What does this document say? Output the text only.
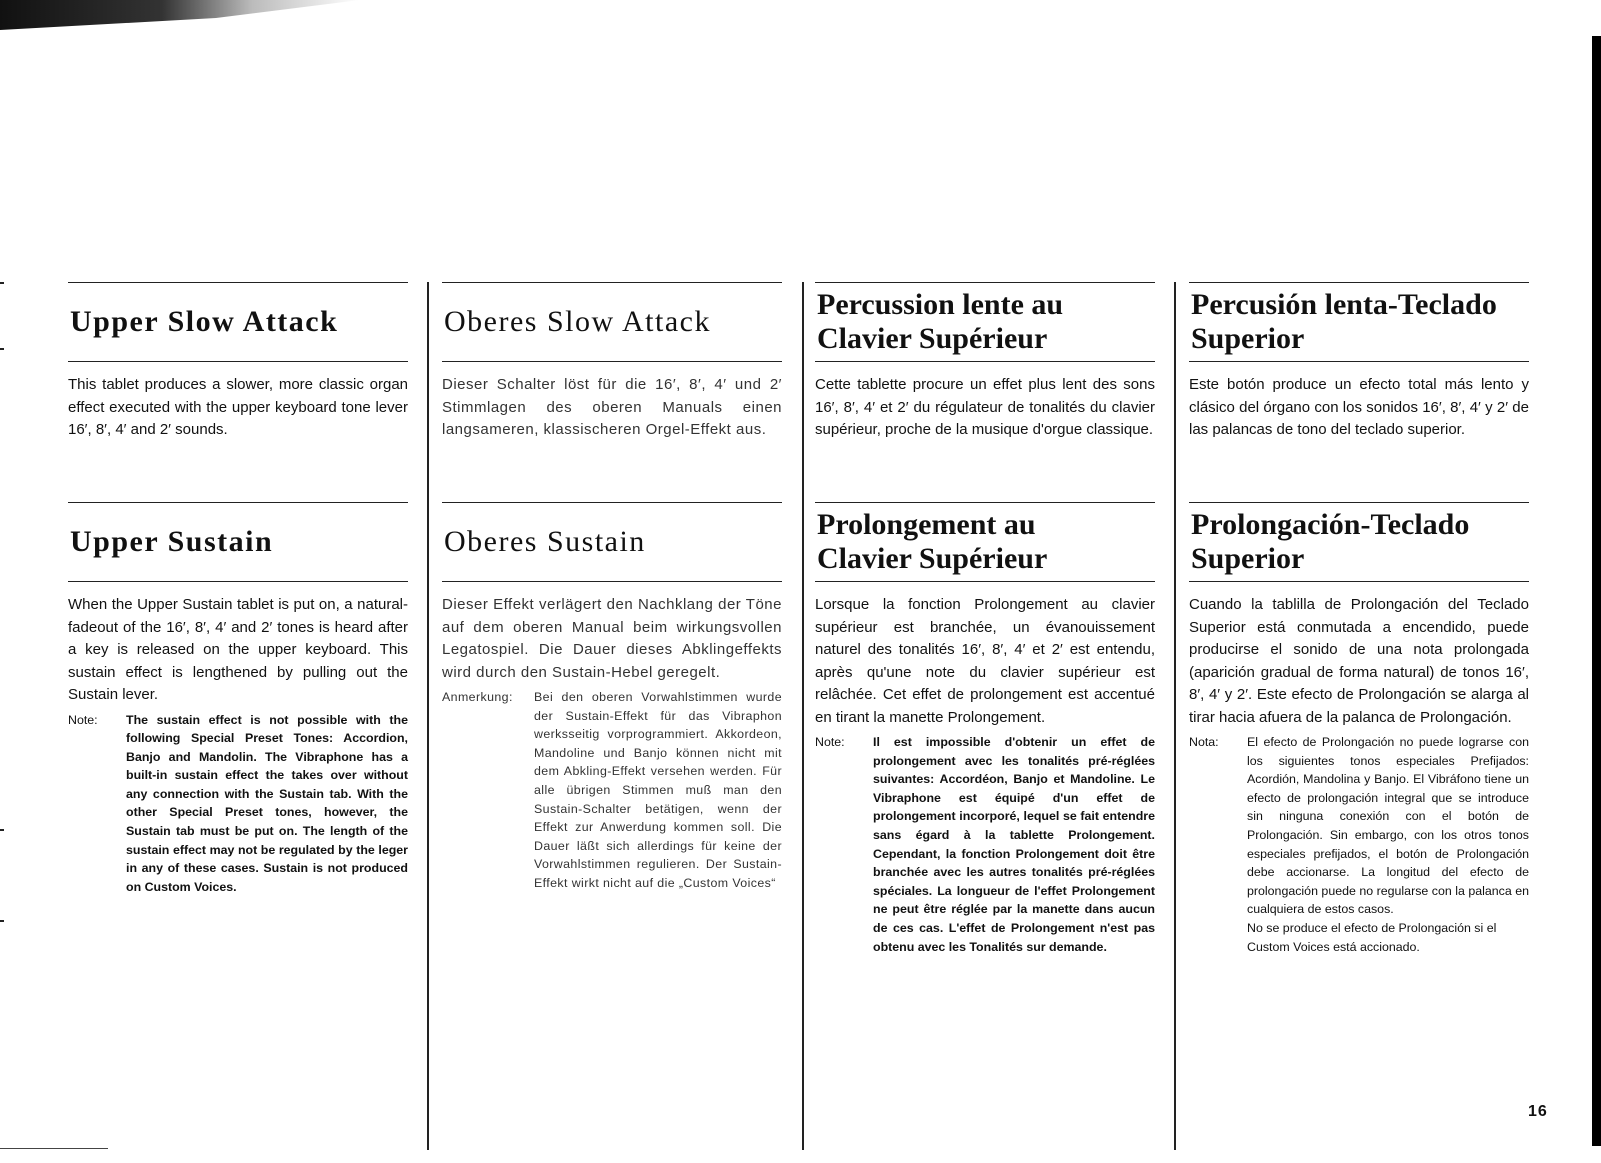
Upper Slow Attack
This tablet produces a slower, more classic organ effect executed with the upper keyboard tone lever 16′, 8′, 4′ and 2′ sounds.
Upper Sustain
When the Upper Sustain tablet is put on, a natural-fadeout of the 16′, 8′, 4′ and 2′ tones is heard after a key is released on the upper keyboard. This sustain effect is lengthened by pulling out the Sustain lever.
Note:	The sustain effect is not possible with the following Special Preset Tones: Accordion, Banjo and Mandolin. The Vibraphone has a built-in sustain effect the takes over without any connection with the Sustain tab. With the other Special Preset tones, however, the Sustain tab must be put on. The length of the sustain effect may not be regulated by the leger in any of these cases. Sustain is not produced on Custom Voices.
Oberes Slow Attack
Dieser Schalter löst für die 16′, 8′, 4′ und 2′ Stimmlagen des oberen Manuals einen langsameren, klassischeren Orgel-Effekt aus.
Oberes Sustain
Dieser Effekt verlägert den Nachklang der Töne auf dem oberen Manual beim wirkungsvollen Legatospiel. Die Dauer dieses Abklingeffekts wird durch den Sustain-Hebel geregelt.
Anmerkung:	Bei den oberen Vorwahlstimmen wurde der Sustain-Effekt für das Vibraphon werksseitig vorprogrammiert. Akkordeon, Mandoline und Banjo können nicht mit dem Abkling-Effekt versehen werden. Für alle übrigen Stimmen muß man den Sustain-Schalter betätigen, wenn der Effekt zur Anwerdung kommen soll. Die Dauer läßt sich allerdings für keine der Vorwahlstimmen regulieren. Der Sustain-Effekt wirkt nicht auf die „Custom Voices“
Percussion lente au
Clavier Supérieur
Cette tablette procure un effet plus lent des sons 16′, 8′, 4′ et 2′ du régulateur de tonalités du clavier supérieur, proche de la musique d'orgue classique.
Prolongement au
Clavier Supérieur
Lorsque la fonction Prolongement au clavier supérieur est branchée, un évanouissement naturel des tonalités 16′, 8′, 4′ et 2′ est entendu, après qu'une note du clavier supérieur est relâchée. Cet effet de prolongement est accentué en tirant la manette Prolongement.
Note:	Il est impossible d'obtenir un effet de prolongement avec les tonalités pré-réglées suivantes: Accordéon, Banjo et Mandoline. Le Vibraphone est équipé d'un effet de prolongement incorporé, lequel se fait entendre sans égard à la tablette Prolongement. Cependant, la fonction Prolongement doit être branchée avec les autres tonalités pré-réglées spéciales. La longueur de l'effet Prolongement ne peut être réglée par la manette dans aucun de ces cas. L'effet de Prolongement n'est pas obtenu avec les Tonalités sur demande.
Percusión lenta-Teclado
Superior
Este botón produce un efecto total más lento y clásico del órgano con los sonidos 16′, 8′, 4′ y 2′ de las palancas de tono del teclado superior.
Prolongación-Teclado
Superior
Cuando la tablilla de Prolongación del Teclado Superior está conmutada a encendido, puede producirse el sonido de una nota prolongada (aparición gradual de forma natural) de tonos 16′, 8′, 4′ y 2′. Este efecto de Prolongación se alarga al tirar hacia afuera de la palanca de Prolongación.
Nota:	El efecto de Prolongación no puede lograrse con los siguientes tonos especiales Prefijados: Acordión, Mandolina y Banjo. El Vibráfono tiene un efecto de prolongación integral que se introduce sin ninguna conexión con el botón de Prolongación. Sin embargo, con los otros tonos especiales prefijados, el botón de Prolongación debe accionarse. La longitud del efecto de prolongación puede no regularse con la palanca en cualquiera de estos casos.
No se produce el efecto de Prolongación si el Custom Voices está accionado.
16
